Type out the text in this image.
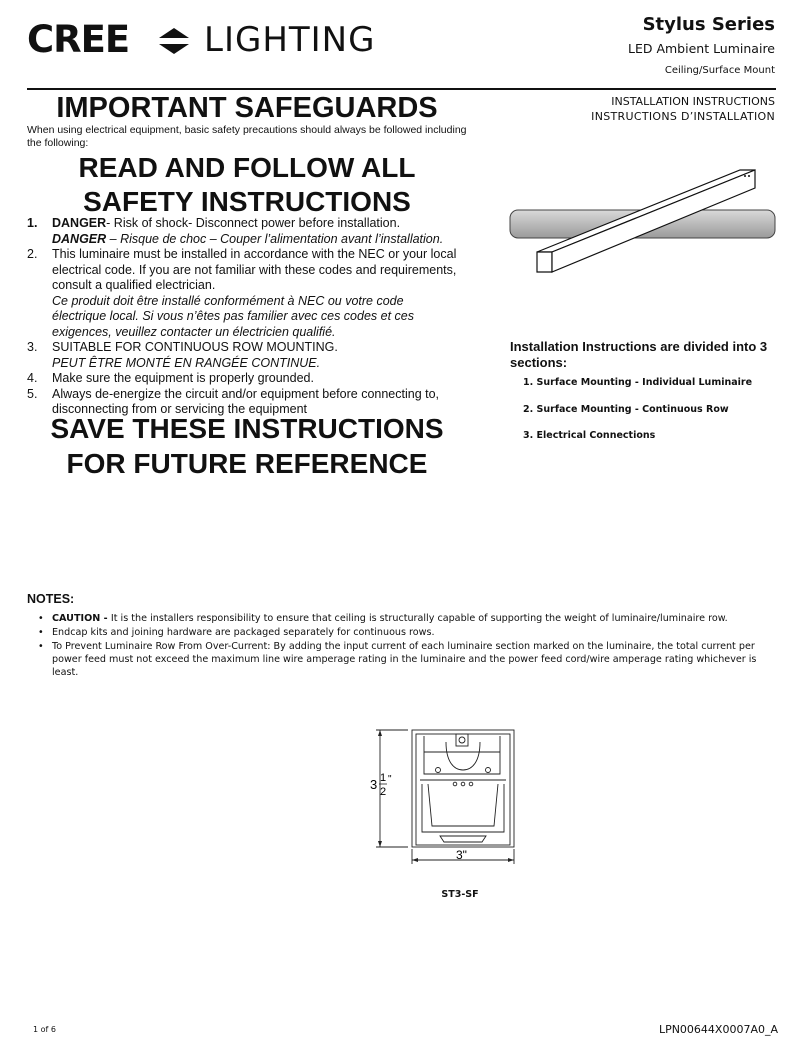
CREE LIGHTING	Stylus Series
LED Ambient Luminaire
Ceiling/Surface Mount
INSTALLATION INSTRUCTIONS
INSTRUCTIONS D’INSTALLATION
IMPORTANT SAFEGUARDS
When using electrical equipment, basic safety precautions should always be followed including the following:
READ AND FOLLOW ALL
SAFETY INSTRUCTIONS
1.	DANGER- Risk of shock- Disconnect power before installation.
DANGER – Risque de choc – Couper l’alimentation avant l’installation.
2.	This luminaire must be installed in accordance with the NEC or your local electrical code. If you are not familiar with these codes and requirements, consult a qualified electrician.
Ce produit doit être installé conformément à NEC ou votre code électrique local. Si vous n’êtes pas familier avec ces codes et ces exigences, veuillez contacter un électricien qualifié.
3.	SUITABLE FOR CONTINUOUS ROW MOUNTING.
PEUT ÊTRE MONTÉ EN RANGÉE CONTINUE.
4.	Make sure the equipment is properly grounded.
5.	Always de-energize the circuit and/or equipment before connecting to, disconnecting from or servicing the equipment
SAVE THESE INSTRUCTIONS
FOR FUTURE REFERENCE
Installation Instructions are divided into 3 sections:
1. Surface Mounting - Individual Luminaire
2. Surface Mounting - Continuous Row
3. Electrical Connections
NOTES:
• CAUTION - It is the installers responsibility to ensure that ceiling is structurally capable of supporting the weight of luminaire/luminaire row.
• Endcap kits and joining hardware are packaged separately for continuous rows.
• To Prevent Luminaire Row From Over-Current: By adding the input current of each luminaire section marked on the luminaire, the total current per power feed must not exceed the maximum line wire amperage rating in the luminaire and the power feed cord/wire amperage rating whichever is least.
3 1
2
"
3"
ST3-SF
1 of 6	LPN00644X0007A0_A
